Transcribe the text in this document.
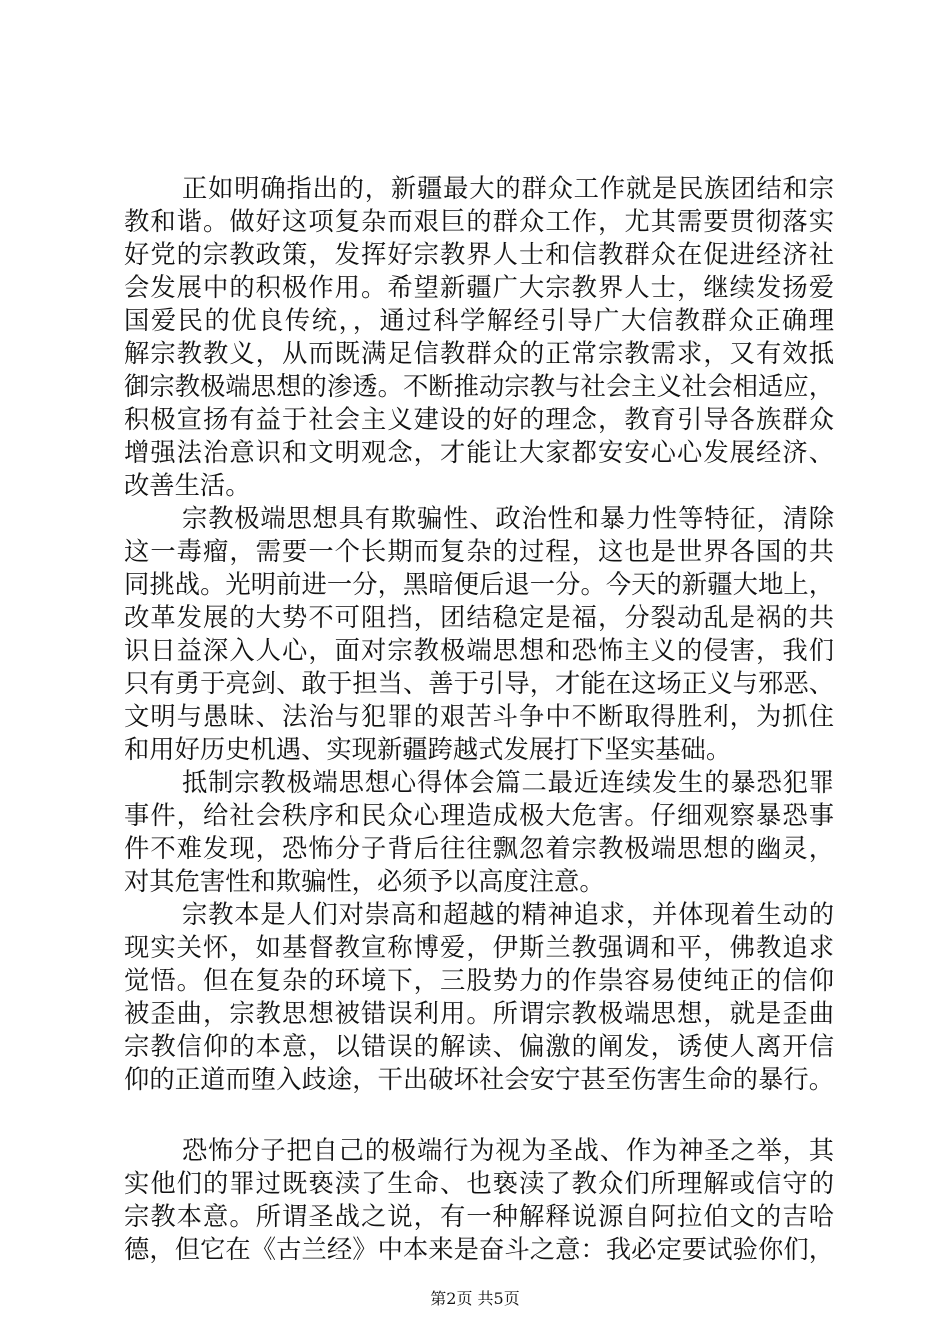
正如明确指出的，新疆最大的群众工作就是民族团结和宗
教和谐。做好这项复杂而艰巨的群众工作，尤其需要贯彻落实
好党的宗教政策，发挥好宗教界人士和信教群众在促进经济社
会发展中的积极作用。希望新疆广大宗教界人士，继续发扬爱
国爱民的优良传统，，通过科学解经引导广大信教群众正确理
解宗教教义，从而既满足信教群众的正常宗教需求，又有效抵
御宗教极端思想的渗透。不断推动宗教与社会主义社会相适应，
积极宣扬有益于社会主义建设的好的理念，教育引导各族群众
增强法治意识和文明观念，才能让大家都安安心心发展经济、
改善生活。
宗教极端思想具有欺骗性、政治性和暴力性等特征，清除
这一毒瘤，需要一个长期而复杂的过程，这也是世界各国的共
同挑战。光明前进一分，黑暗便后退一分。今天的新疆大地上，
改革发展的大势不可阻挡，团结稳定是福，分裂动乱是祸的共
识日益深入人心，面对宗教极端思想和恐怖主义的侵害，我们
只有勇于亮剑、敢于担当、善于引导，才能在这场正义与邪恶、
文明与愚昧、法治与犯罪的艰苦斗争中不断取得胜利，为抓住
和用好历史机遇、实现新疆跨越式发展打下坚实基础。
抵制宗教极端思想心得体会篇二最近连续发生的暴恐犯罪
事件，给社会秩序和民众心理造成极大危害。仔细观察暴恐事
件不难发现，恐怖分子背后往往飘忽着宗教极端思想的幽灵，
对其危害性和欺骗性，必须予以高度注意。
宗教本是人们对崇高和超越的精神追求，并体现着生动的
现实关怀，如基督教宣称博爱，伊斯兰教强调和平，佛教追求
觉悟。但在复杂的环境下，三股势力的作祟容易使纯正的信仰
被歪曲，宗教思想被错误利用。所谓宗教极端思想，就是歪曲
宗教信仰的本意，以错误的解读、偏激的阐发，诱使人离开信
仰的正道而堕入歧途，干出破坏社会安宁甚至伤害生命的暴行。
恐怖分子把自己的极端行为视为圣战、作为神圣之举，其
实他们的罪过既亵渎了生命、也亵渎了教众们所理解或信守的
宗教本意。所谓圣战之说，有一种解释说源自阿拉伯文的吉哈
德，但它在《古兰经》中本来是奋斗之意：我必定要试验你们，
第2页 共5页
